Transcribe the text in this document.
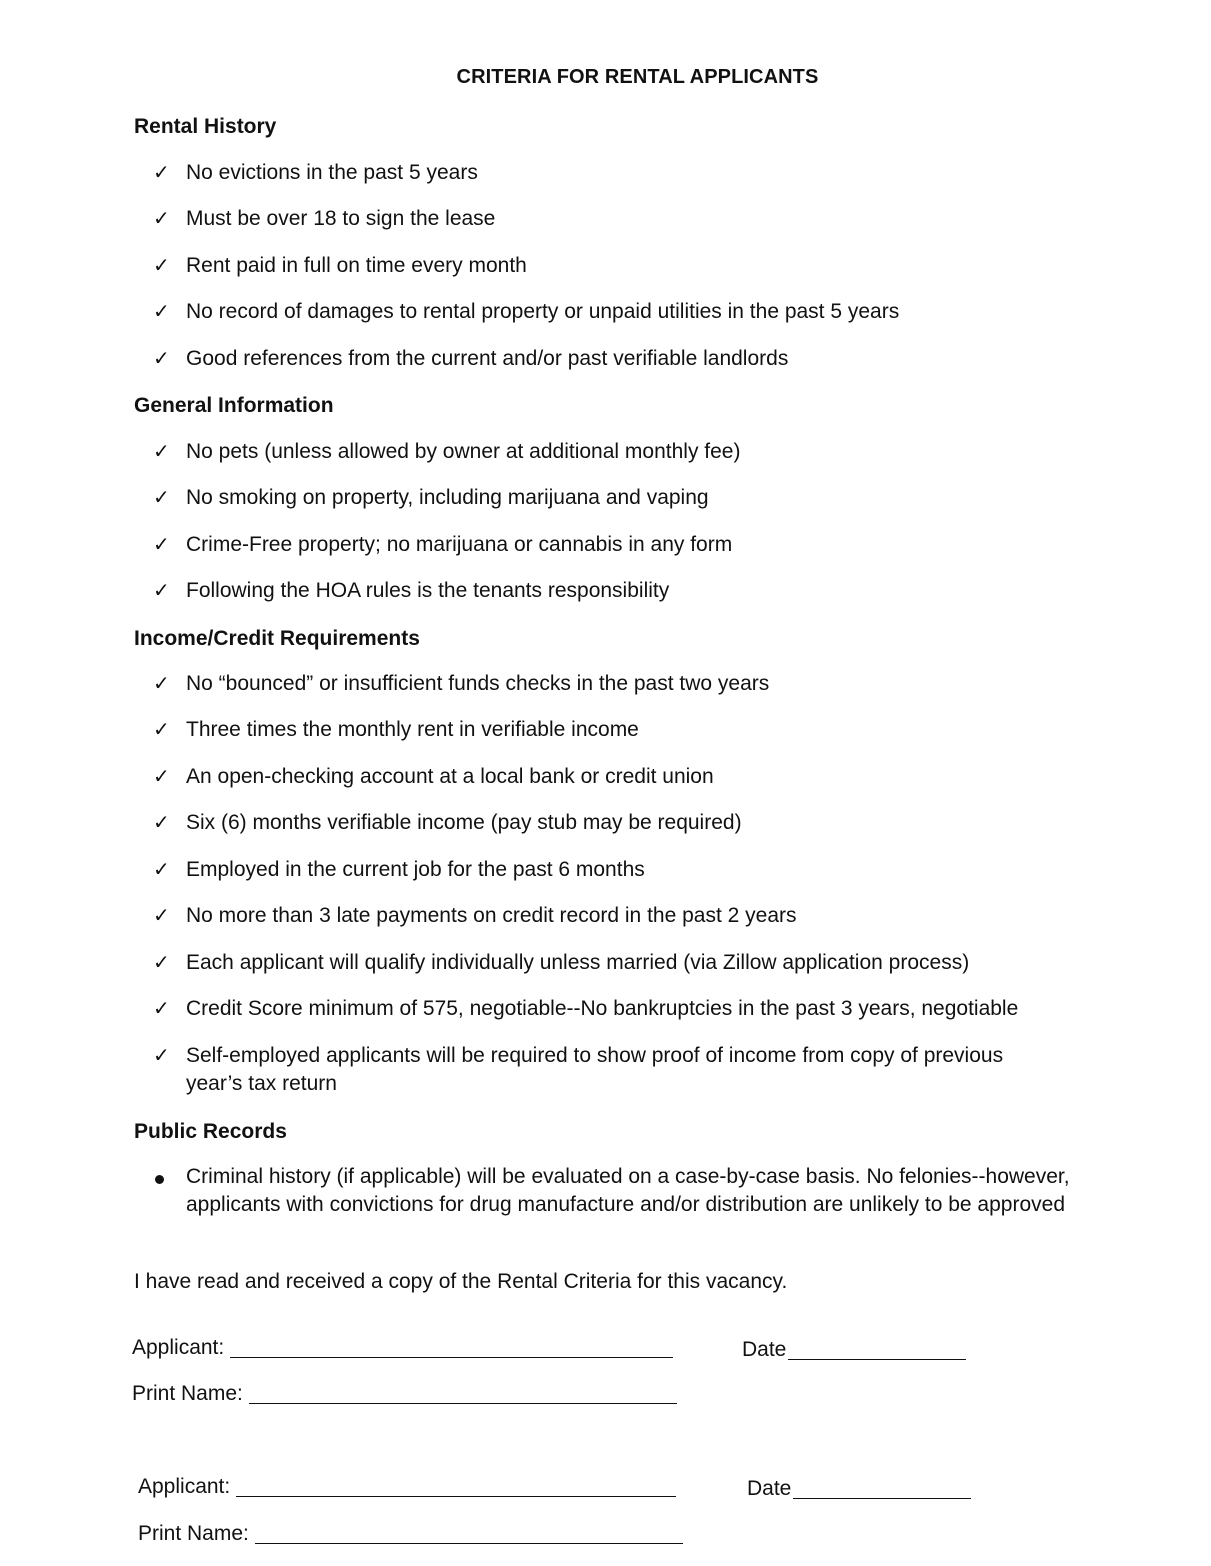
CRITERIA FOR RENTAL APPLICANTS
Rental History
✓ No evictions in the past 5 years
✓ Must be over 18 to sign the lease
✓ Rent paid in full on time every month
✓ No record of damages to rental property or unpaid utilities in the past 5 years
✓ Good references from the current and/or past verifiable landlords
General Information
✓ No pets (unless allowed by owner at additional monthly fee)
✓ No smoking on property, including marijuana and vaping
✓ Crime-Free property; no marijuana or cannabis in any form
✓ Following the HOA rules is the tenants responsibility
Income/Credit Requirements
✓ No “bounced” or insufficient funds checks in the past two years
✓ Three times the monthly rent in verifiable income
✓ An open-checking account at a local bank or credit union
✓ Six (6) months verifiable income (pay stub may be required)
✓ Employed in the current job for the past 6 months
✓ No more than 3 late payments on credit record in the past 2 years
✓ Each applicant will qualify individually unless married (via Zillow application process)
✓ Credit Score minimum of 575, negotiable--No bankruptcies in the past 3 years, negotiable
✓ Self-employed applicants will be required to show proof of income from copy of previous year’s tax return
Public Records
Criminal history (if applicable) will be evaluated on a case-by-case basis. No felonies--however, applicants with convictions for drug manufacture and/or distribution are unlikely to be approved
I have read and received a copy of the Rental Criteria for this vacancy.
Applicant:	Date
Print Name:
Applicant:	Date
Print Name:
